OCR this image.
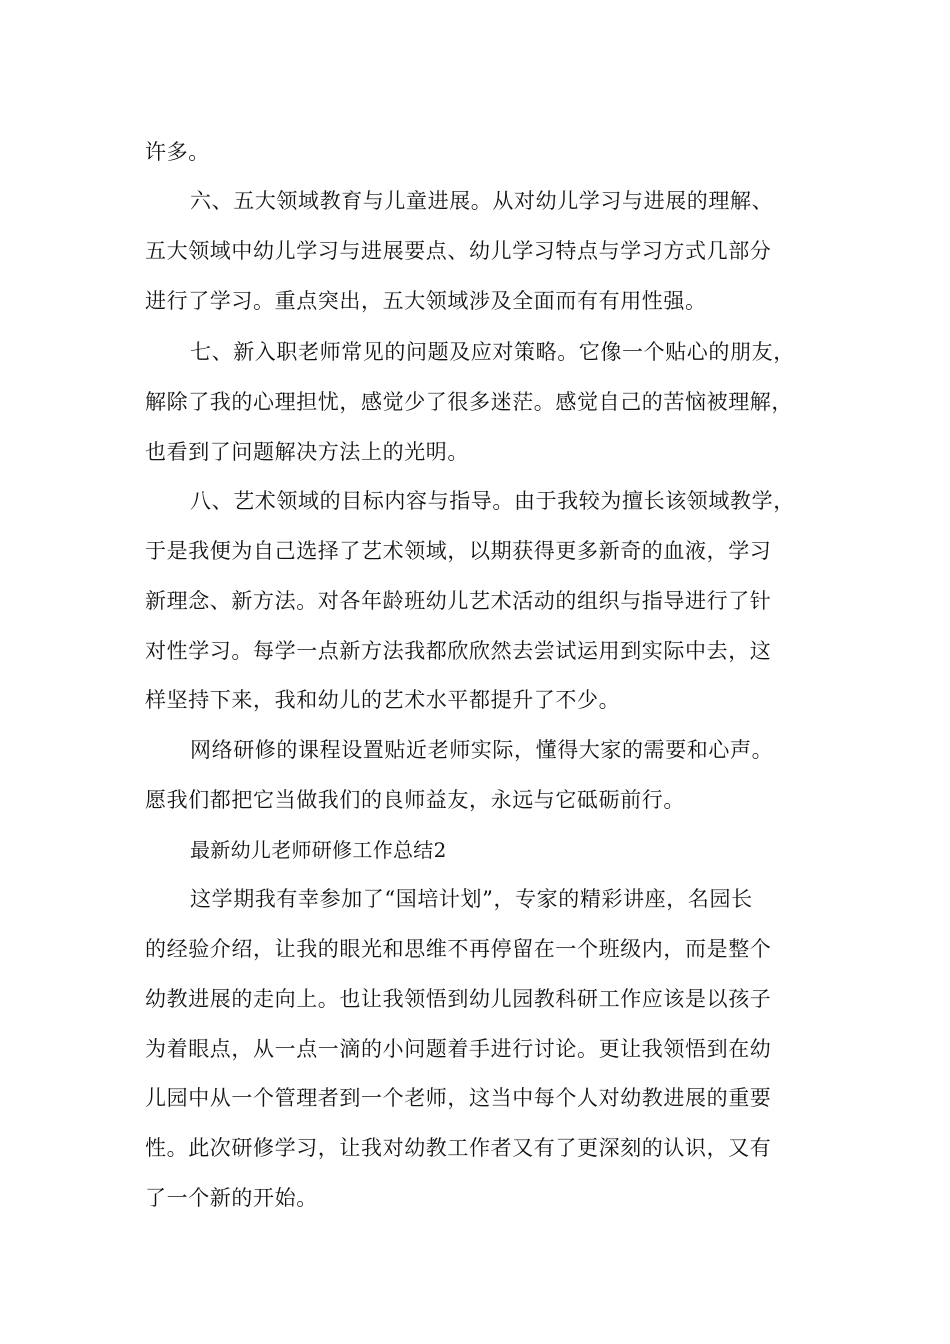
许多。
六、五大领域教育与儿童进展。从对幼儿学习与进展的理解、
五大领域中幼儿学习与进展要点、幼儿学习特点与学习方式几部分
进行了学习。重点突出，五大领域涉及全面而有有用性强。
七、新入职老师常见的问题及应对策略。它像一个贴心的朋友，
解除了我的心理担忧，感觉少了很多迷茫。感觉自己的苦恼被理解，
也看到了问题解决方法上的光明。
八、艺术领域的目标内容与指导。由于我较为擅长该领域教学，
于是我便为自己选择了艺术领域，以期获得更多新奇的血液，学习
新理念、新方法。对各年龄班幼儿艺术活动的组织与指导进行了针
对性学习。每学一点新方法我都欣欣然去尝试运用到实际中去，这
样坚持下来，我和幼儿的艺术水平都提升了不少。
网络研修的课程设置贴近老师实际，懂得大家的需要和心声。
愿我们都把它当做我们的良师益友，永远与它砥砺前行。
最新幼儿老师研修工作总结2
这学期我有幸参加了“国培计划”，专家的精彩讲座，名园长
的经验介绍，让我的眼光和思维不再停留在一个班级内，而是整个
幼教进展的走向上。也让我领悟到幼儿园教科研工作应该是以孩子
为着眼点，从一点一滴的小问题着手进行讨论。更让我领悟到在幼
儿园中从一个管理者到一个老师，这当中每个人对幼教进展的重要
性。此次研修学习，让我对幼教工作者又有了更深刻的认识，又有
了一个新的开始。
